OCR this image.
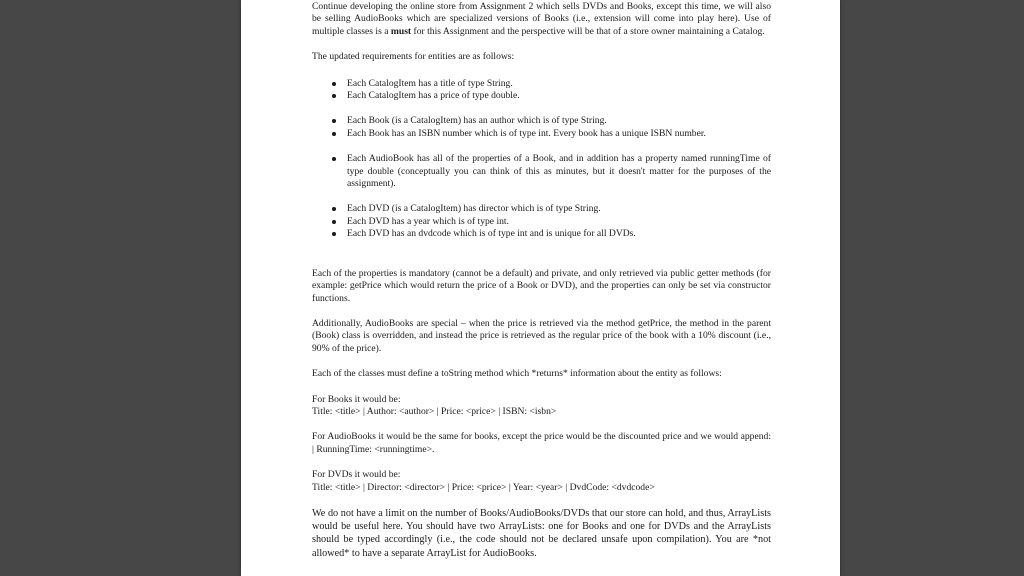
Continue developing the online store from Assignment 2 which sells DVDs and Books, except this time, we will also be selling AudioBooks which are specialized versions of Books (i.e., extension will come into play here). Use of multiple classes is a must for this Assignment and the perspective will be that of a store owner maintaining a Catalog.

The updated requirements for entities are as follows:

Each CatalogItem has a title of type String.
Each CatalogItem has a price of type double.
Each Book (is a CatalogItem) has an author which is of type String.
Each Book has an ISBN number which is of type int. Every book has a unique ISBN number.
Each AudioBook has all of the properties of a Book, and in addition has a property named runningTime of type double (conceptually you can think of this as minutes, but it doesn't matter for the purposes of the assignment).
Each DVD (is a CatalogItem) has director which is of type String.
Each DVD has a year which is of type int.
Each DVD has an dvdcode which is of type int and is unique for all DVDs.

Each of the properties is mandatory (cannot be a default) and private, and only retrieved via public getter methods (for example: getPrice which would return the price of a Book or DVD), and the properties can only be set via constructor functions.

Additionally, AudioBooks are special – when the price is retrieved via the method getPrice, the method in the parent (Book) class is overridden, and instead the price is retrieved as the regular price of the book with a 10% discount (i.e., 90% of the price).

Each of the classes must define a toString method which *returns* information about the entity as follows:

For Books it would be:

Title: <title> | Author: <author> | Price: <price> | ISBN: <isbn>

For AudioBooks it would be the same for books, except the price would be the discounted price and we would append: | RunningTime: <runningtime>.

For DVDs it would be:

Title: <title> | Director: <director> | Price: <price> | Year: <year> | DvdCode: <dvdcode>

We do not have a limit on the number of Books/AudioBooks/DVDs that our store can hold, and thus, ArrayLists would be useful here. You should have two ArrayLists: one for Books and one for DVDs and the ArrayLists should be typed accordingly (i.e., the code should not be declared unsafe upon compilation). You are *not allowed* to have a separate ArrayList for AudioBooks.
